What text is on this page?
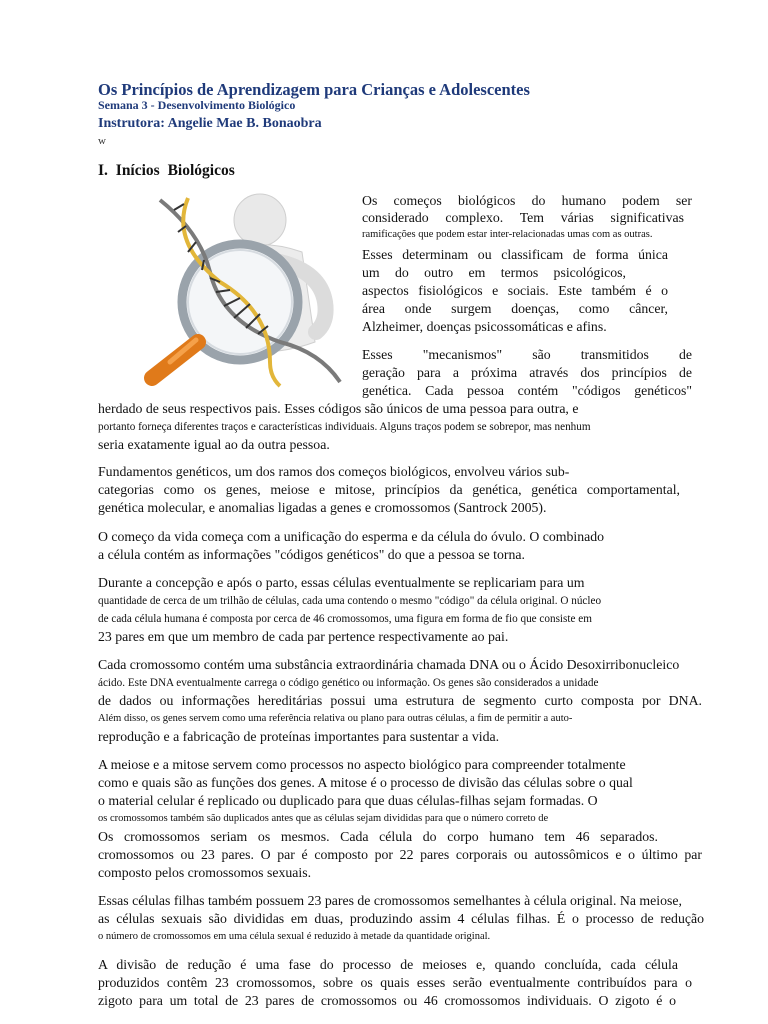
Os Princípios de Aprendizagem para Crianças e Adolescentes
Semana 3 - Desenvolvimento Biológico
Instrutora: Angelie Mae B. Bonaobra
w
I. Inícios Biológicos
Os começos biológicos do humano podem ser
considerado complexo. Tem várias significativas
ramificações que podem estar inter-relacionadas umas com as outras.
Esses determinam ou classificam de forma única
um do outro em termos psicológicos,
aspectos fisiológicos e sociais. Este também é o
área onde surgem doenças, como câncer,
Alzheimer, doenças psicossomáticas e afins.
Esses "mecanismos" são transmitidos de
geração para a próxima através dos princípios de
genética. Cada pessoa contém "códigos genéticos"
herdado de seus respectivos pais. Esses códigos são únicos de uma pessoa para outra, e
portanto forneça diferentes traços e características individuais. Alguns traços podem se sobrepor, mas nenhum
seria exatamente igual ao da outra pessoa.
Fundamentos genéticos, um dos ramos dos começos biológicos, envolveu vários sub-
categorias como os genes, meiose e mitose, princípios da genética, genética comportamental,
genética molecular, e anomalias ligadas a genes e cromossomos (Santrock 2005).
O começo da vida começa com a unificação do esperma e da célula do óvulo. O combinado
a célula contém as informações "códigos genéticos" do que a pessoa se torna.
Durante a concepção e após o parto, essas células eventualmente se replicariam para um
quantidade de cerca de um trilhão de células, cada uma contendo o mesmo "código" da célula original. O núcleo
de cada célula humana é composta por cerca de 46 cromossomos, uma figura em forma de fio que consiste em
23 pares em que um membro de cada par pertence respectivamente ao pai.
Cada cromossomo contém uma substância extraordinária chamada DNA ou o Ácido Desoxirribonucleico
ácido. Este DNA eventualmente carrega o código genético ou informação. Os genes são considerados a unidade
de dados ou informações hereditárias possui uma estrutura de segmento curto composta por DNA.
Além disso, os genes servem como uma referência relativa ou plano para outras células, a fim de permitir a auto-
reprodução e a fabricação de proteínas importantes para sustentar a vida.
A meiose e a mitose servem como processos no aspecto biológico para compreender totalmente
como e quais são as funções dos genes. A mitose é o processo de divisão das células sobre o qual
o material celular é replicado ou duplicado para que duas células-filhas sejam formadas. O
os cromossomos também são duplicados antes que as células sejam divididas para que o número correto de
Os cromossomos seriam os mesmos. Cada célula do corpo humano tem 46 separados.
cromossomos ou 23 pares. O par é composto por 22 pares corporais ou autossômicos e o último par
composto pelos cromossomos sexuais.
Essas células filhas também possuem 23 pares de cromossomos semelhantes à célula original. Na meiose,
as células sexuais são divididas em duas, produzindo assim 4 células filhas. É o processo de redução
o número de cromossomos em uma célula sexual é reduzido à metade da quantidade original.
A divisão de redução é uma fase do processo de meioses e, quando concluída, cada célula
produzidos contêm 23 cromossomos, sobre os quais esses serão eventualmente contribuídos para o
zigoto para um total de 23 pares de cromossomos ou 46 cromossomos individuais. O zigoto é o
